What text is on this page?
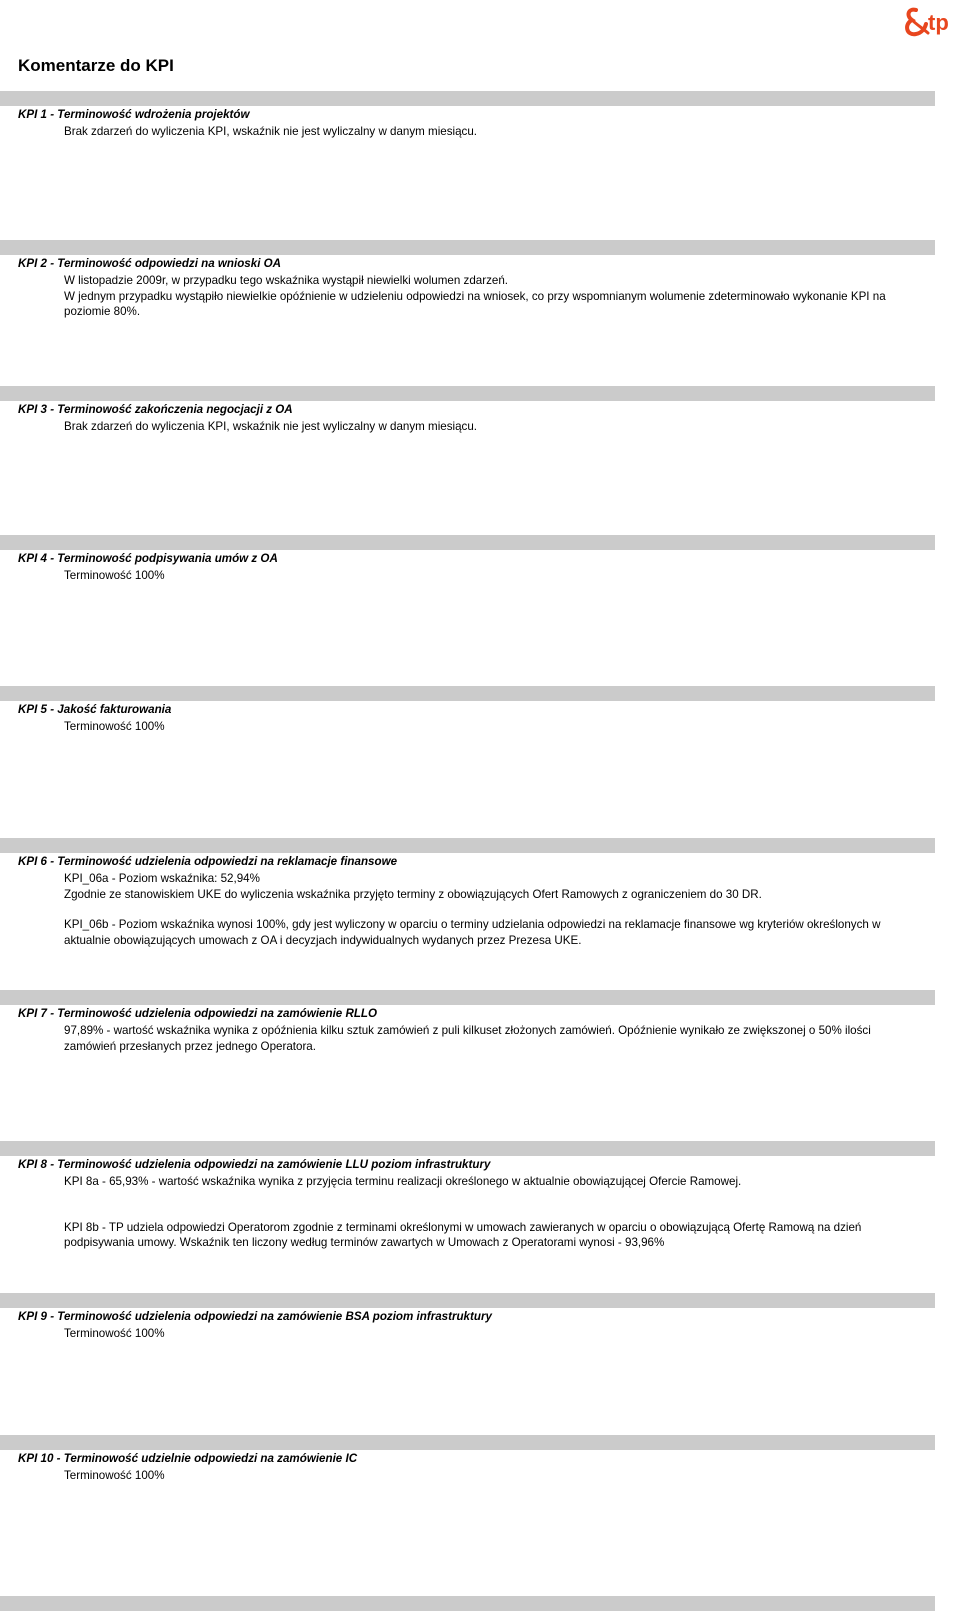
tp
Komentarze do KPI
KPI 1 - Terminowość wdrożenia projektów

Brak zdarzeń do wyliczenia KPI, wskaźnik nie jest wyliczalny w danym miesiącu.

KPI 2 - Terminowość odpowiedzi na wnioski OA

W listopadzie 2009r, w przypadku tego wskaźnika wystąpił niewielki wolumen zdarzeń.

W jednym przypadku wystąpiło niewielkie opóźnienie w udzieleniu odpowiedzi na wniosek, co przy wspomnianym wolumenie zdeterminowało wykonanie KPI na poziomie 80%.

KPI 3 - Terminowość zakończenia negocjacji z OA

Brak zdarzeń do wyliczenia KPI, wskaźnik nie jest wyliczalny w danym miesiącu.

KPI 4 - Terminowość podpisywania umów z OA

Terminowość 100%

KPI 5 - Jakość fakturowania

Terminowość 100%

KPI 6 - Terminowość udzielenia odpowiedzi na reklamacje finansowe

KPI_06a - Poziom wskaźnika: 52,94%

Zgodnie ze stanowiskiem UKE do wyliczenia wskaźnika przyjęto terminy z obowiązujących Ofert Ramowych z ograniczeniem do 30 DR.

KPI_06b - Poziom wskaźnika wynosi 100%, gdy jest wyliczony w oparciu o terminy udzielania odpowiedzi na reklamacje finansowe wg kryteriów określonych w aktualnie obowiązujących umowach z OA i decyzjach indywidualnych wydanych przez Prezesa UKE.

KPI 7 - Terminowość udzielenia odpowiedzi na zamówienie RLLO

97,89% - wartość wskaźnika wynika z opóźnienia kilku sztuk zamówień z puli kilkuset złożonych zamówień. Opóźnienie wynikało ze zwiększonej o 50% ilości zamówień przesłanych przez jednego Operatora.

KPI 8 - Terminowość udzielenia odpowiedzi na zamówienie LLU poziom infrastruktury

KPI 8a - 65,93% - wartość wskaźnika wynika z przyjęcia terminu realizacji określonego w aktualnie obowiązującej Ofercie Ramowej.

KPI 8b - TP udziela odpowiedzi Operatorom zgodnie z terminami określonymi w umowach zawieranych w oparciu o obowiązującą Ofertę Ramową na dzień podpisywania umowy. Wskaźnik ten liczony według terminów zawartych w Umowach z Operatorami wynosi - 93,96%

KPI 9 - Terminowość udzielenia odpowiedzi na zamówienie BSA poziom infrastruktury

Terminowość 100%

KPI 10 - Terminowość udzielnie odpowiedzi na zamówienie IC

Terminowość 100%
